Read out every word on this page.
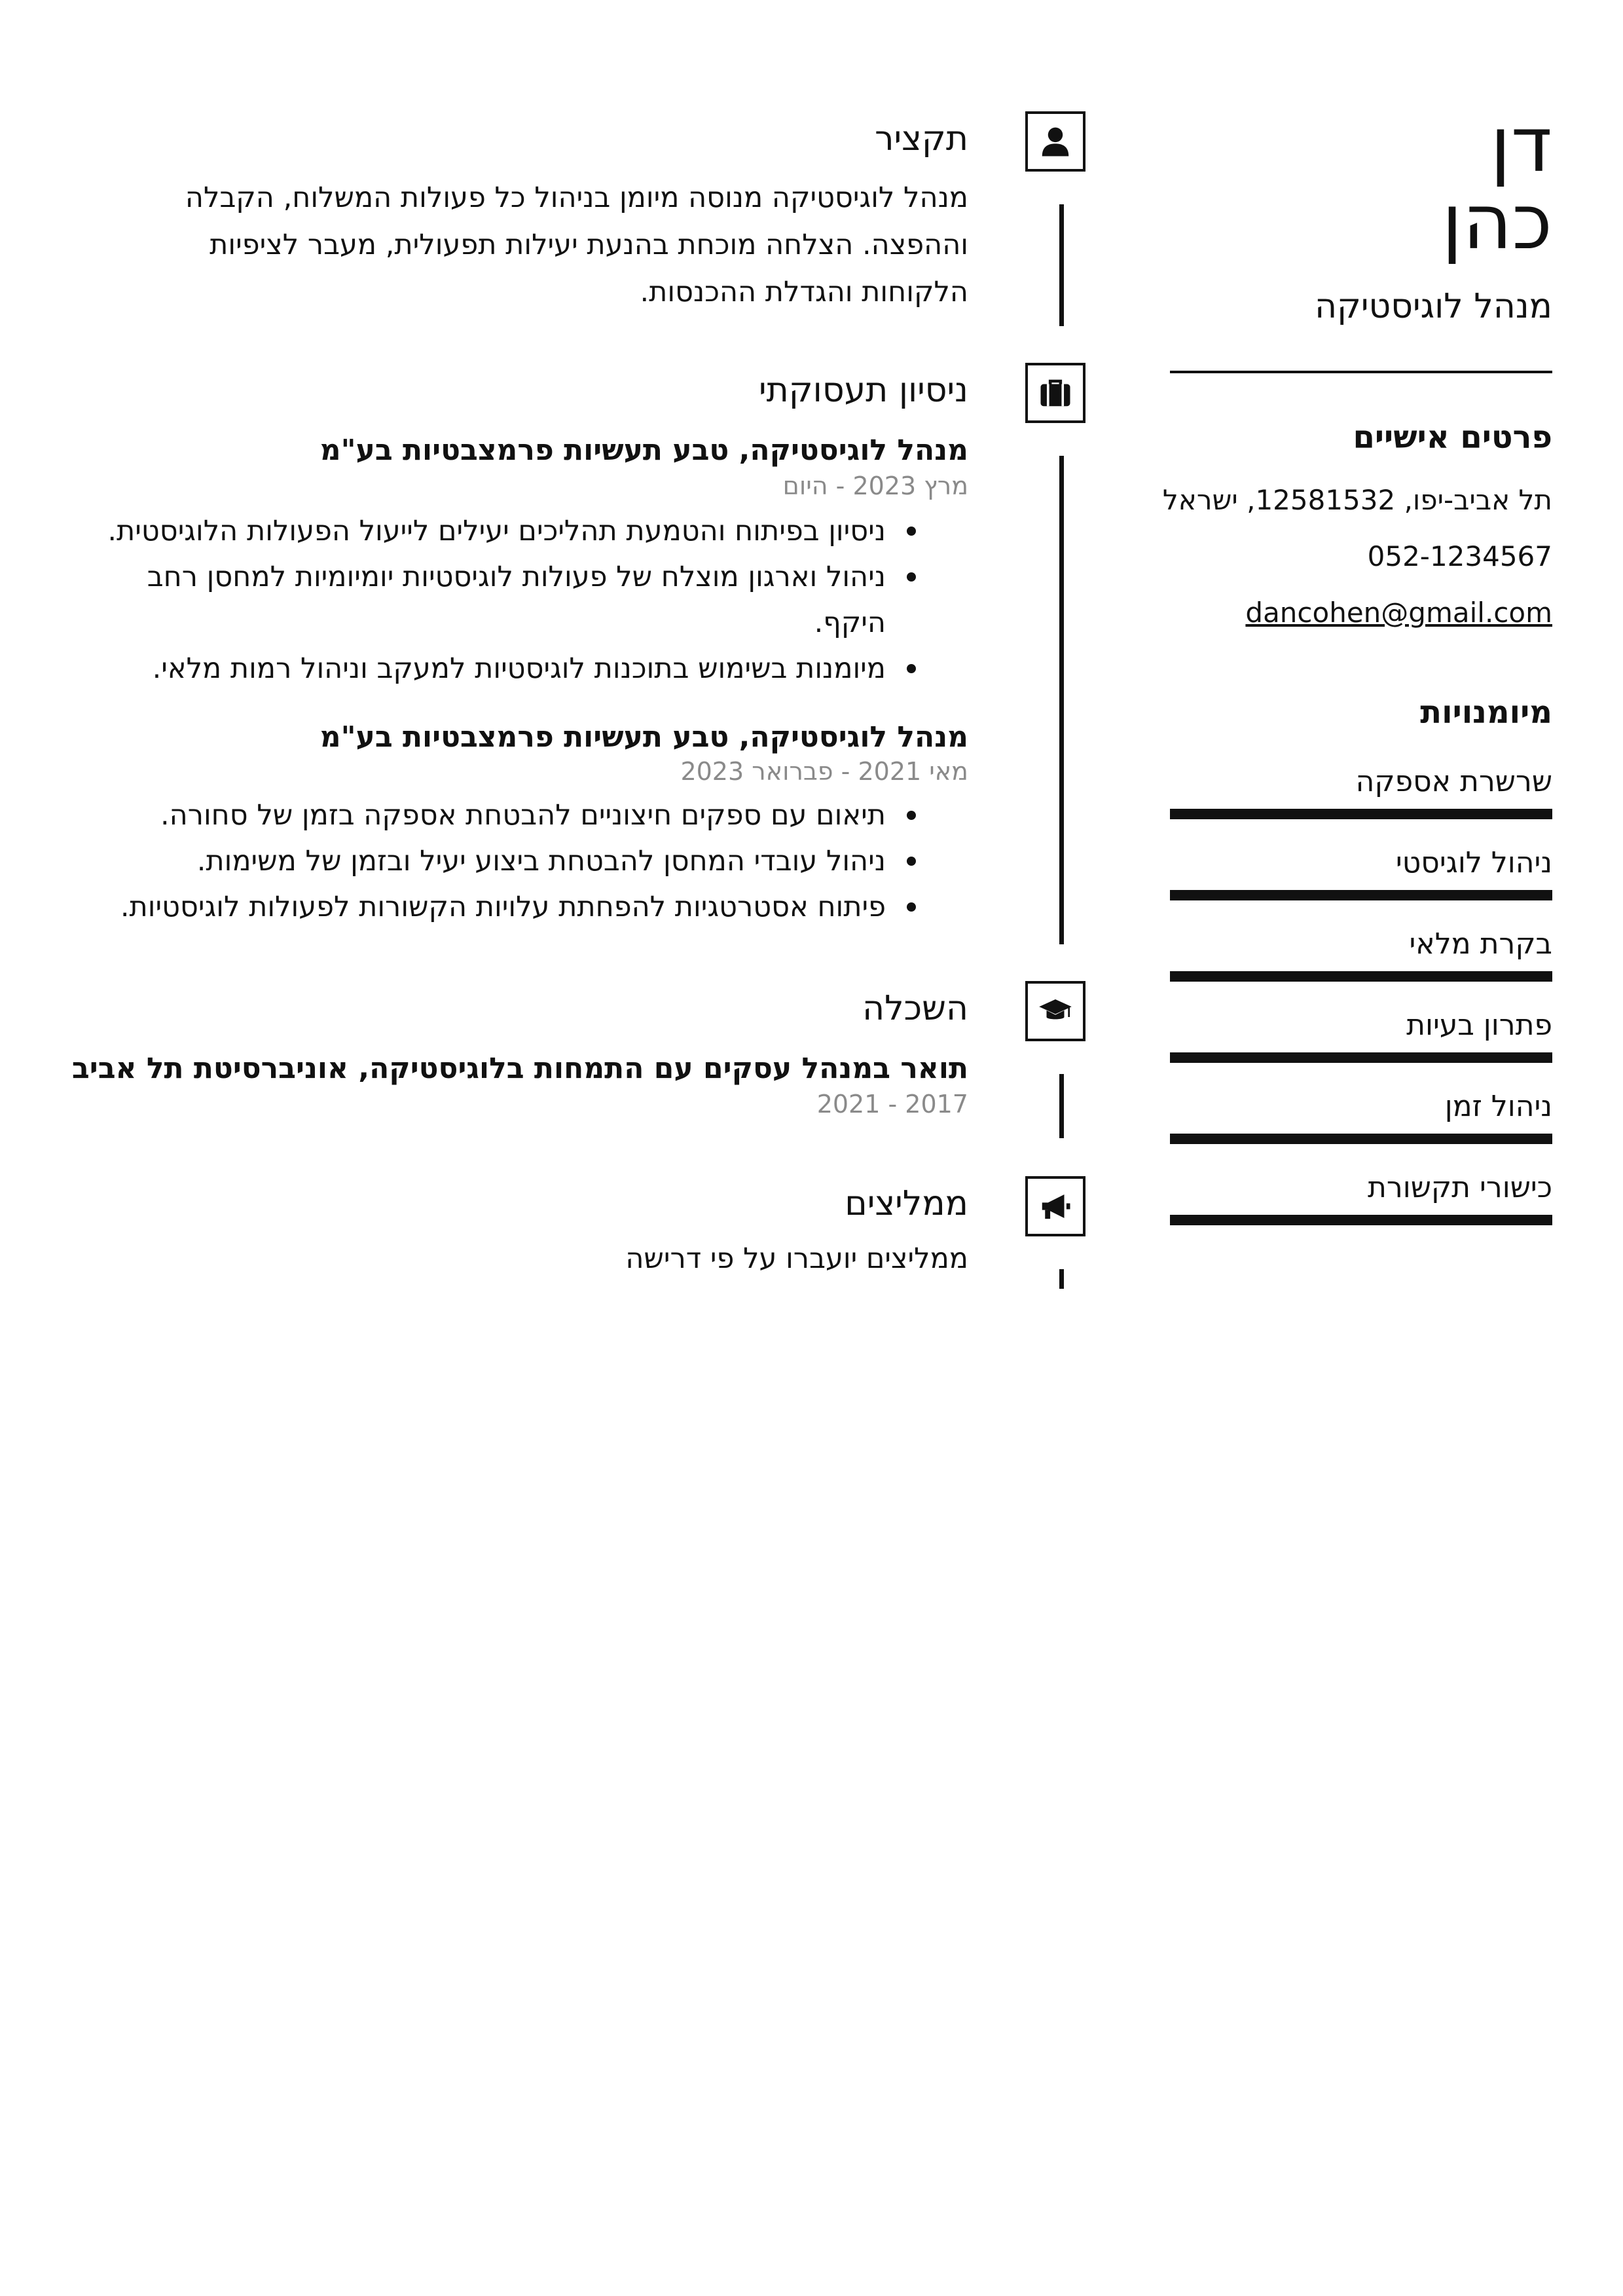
דן
כהן
מנהל לוגיסטיקה
פרטים אישיים
תל אביב-יפו, 12581532, ישראל
052-1234567
dancohen@gmail.com
מיומנויות
שרשרת אספקה
ניהול לוגיסטי
בקרת מלאי
פתרון בעיות
ניהול זמן
כישורי תקשורת
תקציר
מנהל לוגיסטיקה מנוסה מיומן בניהול כל פעולות המשלוח, הקבלה וההפצה. הצלחה מוכחת בהנעת יעילות תפעולית, מעבר לציפיות הלקוחות והגדלת ההכנסות.
ניסיון תעסוקתי
מנהל לוגיסטיקה, טבע תעשיות פרמצבטיות בע"מ
מרץ 2023 - היום
ניסיון בפיתוח והטמעת תהליכים יעילים לייעול הפעולות הלוגיסטית.
ניהול וארגון מוצלח של פעולות לוגיסטיות יומיומיות למחסן רחב היקף.
מיומנות בשימוש בתוכנות לוגיסטיות למעקב וניהול רמות מלאי.
מנהל לוגיסטיקה, טבע תעשיות פרמצבטיות בע"מ
מאי 2021 - פברואר 2023
תיאום עם ספקים חיצוניים להבטחת אספקה בזמן של סחורה.
ניהול עובדי המחסן להבטחת ביצוע יעיל ובזמן של משימות.
פיתוח אסטרטגיות להפחתת עלויות הקשורות לפעולות לוגיסטיות.
השכלה
תואר במנהל עסקים עם התמחות בלוגיסטיקה, אוניברסיטת תל אביב
2017 - 2021
ממליצים
ממליצים יועברו על פי דרישה
